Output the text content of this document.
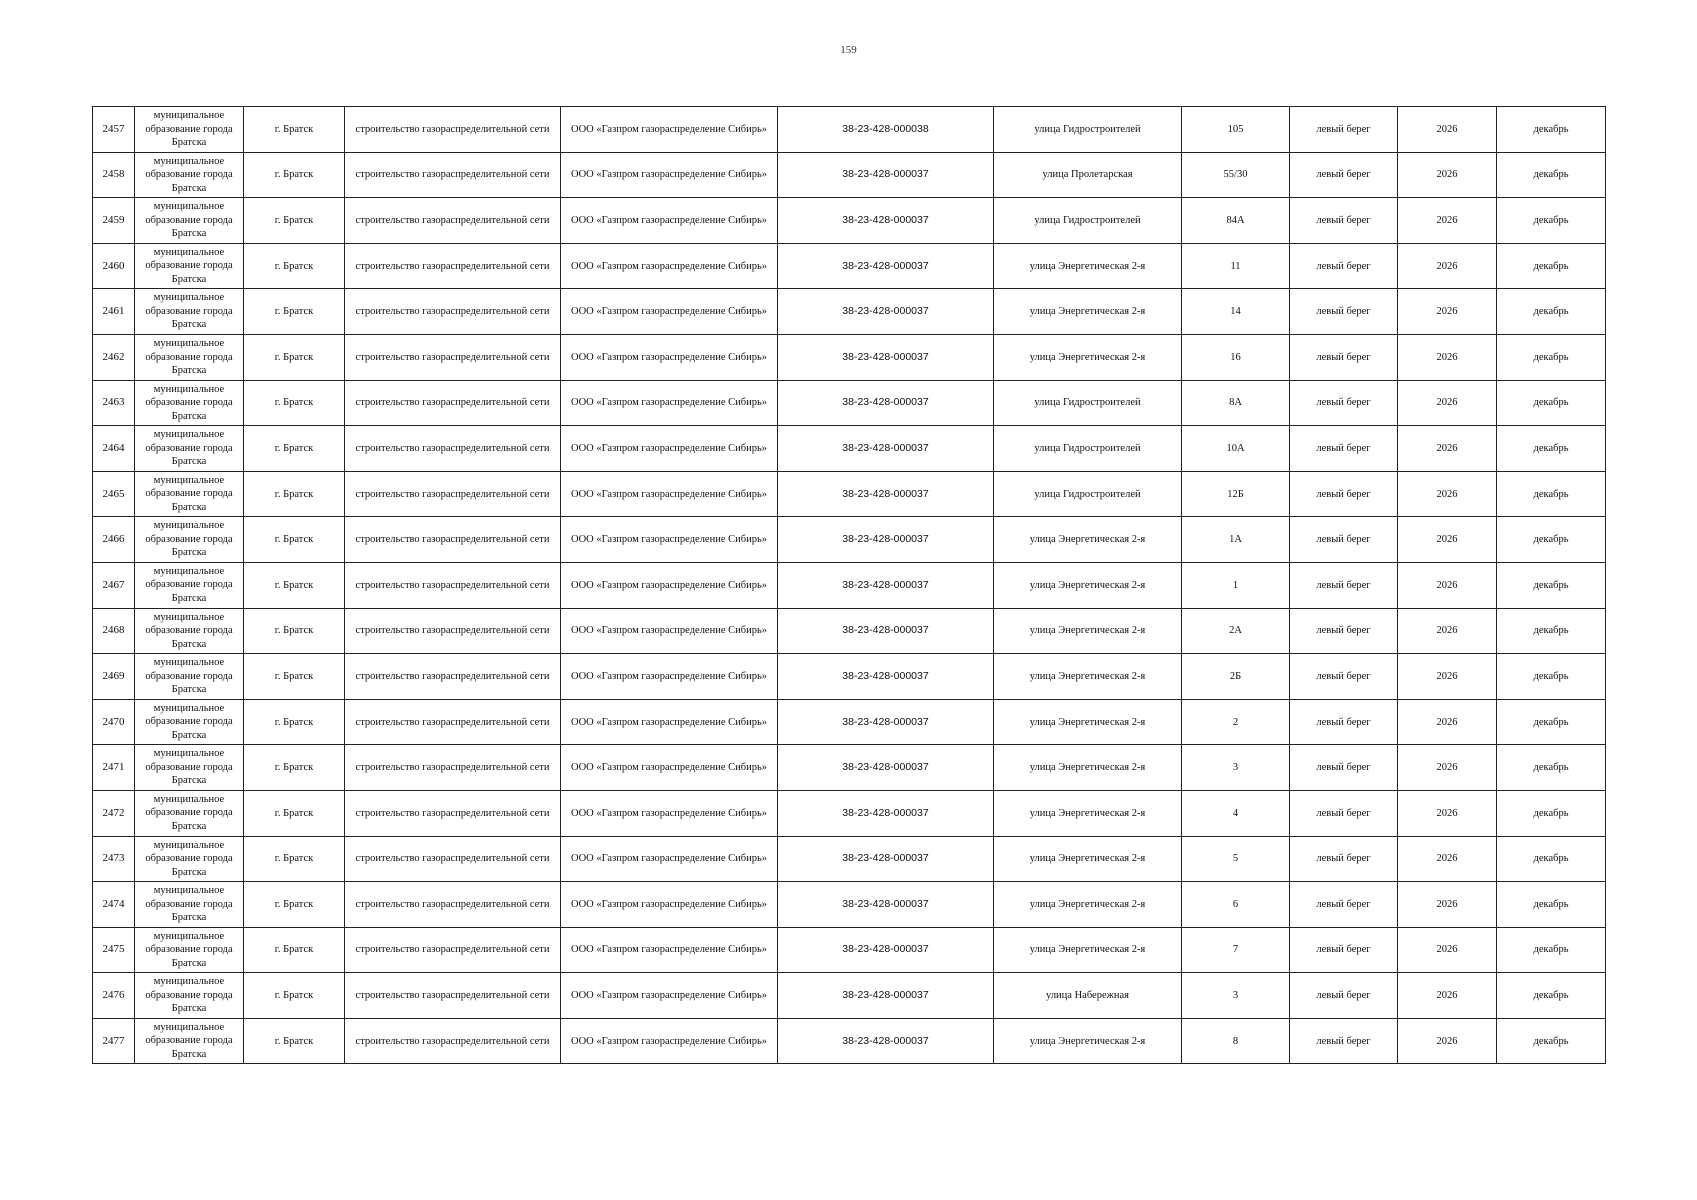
159
2457	муниципальное образование города Братска	г. Братск	строительство газораспределительной сети	ООО «Газпром газораспределение Сибирь»	38-23-428-000038	улица Гидростроителей	105	левый берег	2026	декабрь
2458	муниципальное образование города Братска	г. Братск	строительство газораспределительной сети	ООО «Газпром газораспределение Сибирь»	38-23-428-000037	улица Пролетарская	55/30	левый берег	2026	декабрь
2459	муниципальное образование города Братска	г. Братск	строительство газораспределительной сети	ООО «Газпром газораспределение Сибирь»	38-23-428-000037	улица Гидростроителей	84А	левый берег	2026	декабрь
2460	муниципальное образование города Братска	г. Братск	строительство газораспределительной сети	ООО «Газпром газораспределение Сибирь»	38-23-428-000037	улица Энергетическая 2-я	11	левый берег	2026	декабрь
2461	муниципальное образование города Братска	г. Братск	строительство газораспределительной сети	ООО «Газпром газораспределение Сибирь»	38-23-428-000037	улица Энергетическая 2-я	14	левый берег	2026	декабрь
2462	муниципальное образование города Братска	г. Братск	строительство газораспределительной сети	ООО «Газпром газораспределение Сибирь»	38-23-428-000037	улица Энергетическая 2-я	16	левый берег	2026	декабрь
2463	муниципальное образование города Братска	г. Братск	строительство газораспределительной сети	ООО «Газпром газораспределение Сибирь»	38-23-428-000037	улица Гидростроителей	8А	левый берег	2026	декабрь
2464	муниципальное образование города Братска	г. Братск	строительство газораспределительной сети	ООО «Газпром газораспределение Сибирь»	38-23-428-000037	улица Гидростроителей	10А	левый берег	2026	декабрь
2465	муниципальное образование города Братска	г. Братск	строительство газораспределительной сети	ООО «Газпром газораспределение Сибирь»	38-23-428-000037	улица Гидростроителей	12Б	левый берег	2026	декабрь
2466	муниципальное образование города Братска	г. Братск	строительство газораспределительной сети	ООО «Газпром газораспределение Сибирь»	38-23-428-000037	улица Энергетическая 2-я	1А	левый берег	2026	декабрь
2467	муниципальное образование города Братска	г. Братск	строительство газораспределительной сети	ООО «Газпром газораспределение Сибирь»	38-23-428-000037	улица Энергетическая 2-я	1	левый берег	2026	декабрь
2468	муниципальное образование города Братска	г. Братск	строительство газораспределительной сети	ООО «Газпром газораспределение Сибирь»	38-23-428-000037	улица Энергетическая 2-я	2А	левый берег	2026	декабрь
2469	муниципальное образование города Братска	г. Братск	строительство газораспределительной сети	ООО «Газпром газораспределение Сибирь»	38-23-428-000037	улица Энергетическая 2-я	2Б	левый берег	2026	декабрь
2470	муниципальное образование города Братска	г. Братск	строительство газораспределительной сети	ООО «Газпром газораспределение Сибирь»	38-23-428-000037	улица Энергетическая 2-я	2	левый берег	2026	декабрь
2471	муниципальное образование города Братска	г. Братск	строительство газораспределительной сети	ООО «Газпром газораспределение Сибирь»	38-23-428-000037	улица Энергетическая 2-я	3	левый берег	2026	декабрь
2472	муниципальное образование города Братска	г. Братск	строительство газораспределительной сети	ООО «Газпром газораспределение Сибирь»	38-23-428-000037	улица Энергетическая 2-я	4	левый берег	2026	декабрь
2473	муниципальное образование города Братска	г. Братск	строительство газораспределительной сети	ООО «Газпром газораспределение Сибирь»	38-23-428-000037	улица Энергетическая 2-я	5	левый берег	2026	декабрь
2474	муниципальное образование города Братска	г. Братск	строительство газораспределительной сети	ООО «Газпром газораспределение Сибирь»	38-23-428-000037	улица Энергетическая 2-я	6	левый берег	2026	декабрь
2475	муниципальное образование города Братска	г. Братск	строительство газораспределительной сети	ООО «Газпром газораспределение Сибирь»	38-23-428-000037	улица Энергетическая 2-я	7	левый берег	2026	декабрь
2476	муниципальное образование города Братска	г. Братск	строительство газораспределительной сети	ООО «Газпром газораспределение Сибирь»	38-23-428-000037	улица Набережная	3	левый берег	2026	декабрь
2477	муниципальное образование города Братска	г. Братск	строительство газораспределительной сети	ООО «Газпром газораспределение Сибирь»	38-23-428-000037	улица Энергетическая 2-я	8	левый берег	2026	декабрь
